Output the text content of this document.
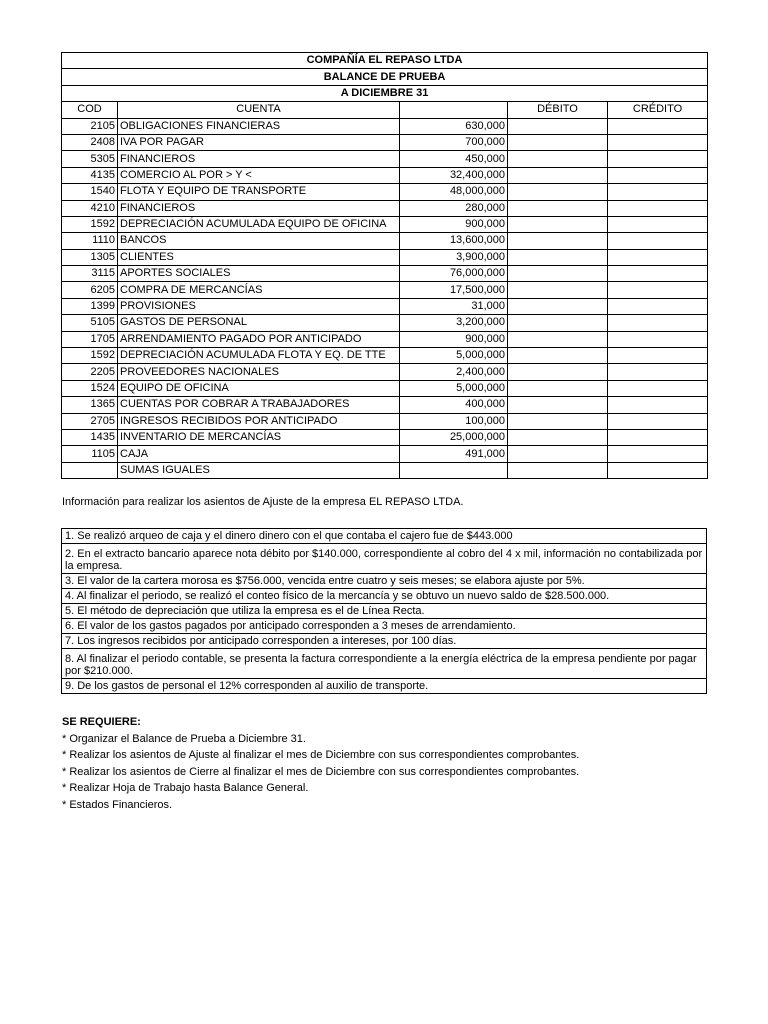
COMPAÑÍA EL REPASO LTDA				
BALANCE DE PRUEBA				
A DICIEMBRE 31				
COD	CUENTA		DÉBITO	CRÉDITO
2105	OBLIGACIONES FINANCIERAS	630,000		
2408	IVA POR PAGAR	700,000		
5305	FINANCIEROS	450,000		
4135	COMERCIO AL POR > Y <	32,400,000		
1540	FLOTA Y EQUIPO DE TRANSPORTE	48,000,000		
4210	FINANCIEROS	280,000		
1592	DEPRECIACIÓN ACUMULADA EQUIPO DE OFICINA	900,000		
1110	BANCOS	13,600,000		
1305	CLIENTES	3,900,000		
3115	APORTES SOCIALES	76,000,000		
6205	COMPRA DE MERCANCÍAS	17,500,000		
1399	PROVISIONES	31,000		
5105	GASTOS DE PERSONAL	3,200,000		
1705	ARRENDAMIENTO PAGADO POR ANTICIPADO	900,000		
1592	DEPRECIACIÓN ACUMULADA FLOTA Y EQ. DE TTE	5,000,000		
2205	PROVEEDORES NACIONALES	2,400,000		
1524	EQUIPO DE OFICINA	5,000,000		
1365	CUENTAS POR COBRAR A TRABAJADORES	400,000		
2705	INGRESOS RECIBIDOS POR ANTICIPADO	100,000		
1435	INVENTARIO DE MERCANCÍAS	25,000,000		
1105	CAJA	491,000		
	SUMAS IGUALES			
Información para realizar los asientos de Ajuste de la empresa EL REPASO LTDA.
1. Se realizó arqueo de caja y el dinero dinero con el que contaba el cajero fue de $443.000
2. En el extracto bancario aparece nota débito por $140.000, correspondiente al cobro del 4 x mil, información no contabilizada por la empresa.
3. El valor de la cartera morosa es $756.000, vencida entre cuatro y seis meses; se elabora ajuste por 5%.
4. Al finalizar el periodo, se realizó el conteo físico de la mercancía y se obtuvo un nuevo saldo de $28.500.000.
5. El método de depreciación que utiliza la empresa es el de Línea Recta.
6. El valor de los gastos pagados por anticipado corresponden a 3 meses de arrendamiento.
7. Los ingresos recibidos por anticipado corresponden a intereses, por 100 días.
8. Al finalizar el periodo contable, se presenta la factura correspondiente a la energía eléctrica de la empresa pendiente por pagar por $210.000.
9. De los gastos de personal el 12% corresponden al auxilio de transporte.
SE REQUIERE:
* Organizar el Balance de Prueba a Diciembre 31.
* Realizar los asientos de Ajuste al finalizar el mes de Diciembre con sus correspondientes comprobantes.
* Realizar los asientos de Cierre al finalizar el mes de Diciembre con sus correspondientes comprobantes.
* Realizar Hoja de Trabajo hasta Balance General.
* Estados Financieros.
